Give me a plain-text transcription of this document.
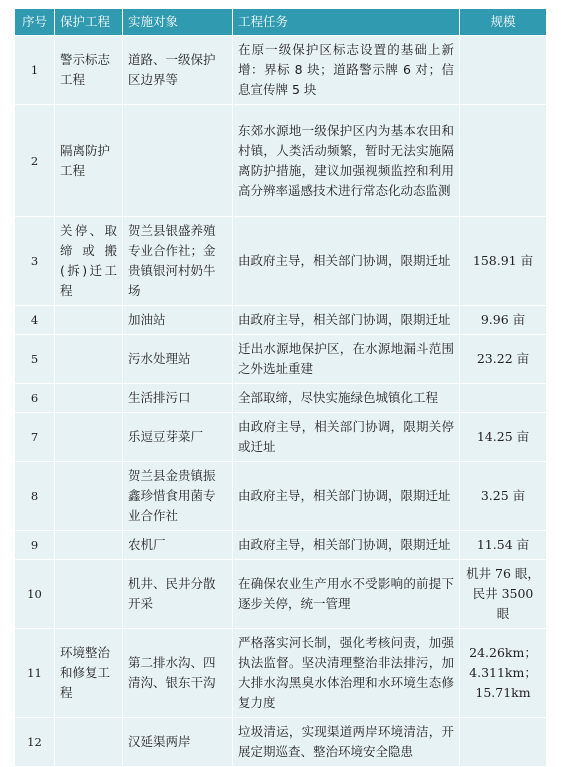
序号	保护工程	实施对象	工程任务	规模
1	警示标志工程	道路、一级保护区边界等	在原一级保护区标志设置的基础上新增：界标 8 块；道路警示牌 6 对；信息宣传牌 5 块	
2	隔离防护工程		东郊水源地一级保护区内为基本农田和村镇，人类活动频繁，暂时无法实施隔离防护措施，建议加强视频监控和利用高分辨率遥感技术进行常态化动态监测	
3	关停、取缔或搬(拆)迁工程	贺兰县银盛养殖专业合作社；金贵镇银河村奶牛场	由政府主导，相关部门协调，限期迁址	158.91 亩
4		加油站	由政府主导，相关部门协调，限期迁址	9.96 亩
5		污水处理站	迁出水源地保护区，在水源地漏斗范围之外选址重建	23.22 亩
6		生活排污口	全部取缔，尽快实施绿色城镇化工程	
7		乐逗豆芽菜厂	由政府主导，相关部门协调，限期关停或迁址	14.25 亩
8		贺兰县金贵镇振鑫珍惜食用菌专业合作社	由政府主导，相关部门协调，限期迁址	3.25 亩
9		农机厂	由政府主导，相关部门协调，限期迁址	11.54 亩
10		机井、民井分散开采	在确保农业生产用水不受影响的前提下逐步关停，统一管理	机井 76 眼，民井 3500 眼
11	环境整治和修复工程	第二排水沟、四清沟、银东干沟	严格落实河长制，强化考核问责，加强执法监督。坚决清理整治非法排污，加大排水沟黑臭水体治理和水环境生态修复力度	24.26km；4.311km；15.71km
12		汉延渠两岸	垃圾清运，实现渠道两岸环境清洁，开展定期巡查、整治环境安全隐患	
